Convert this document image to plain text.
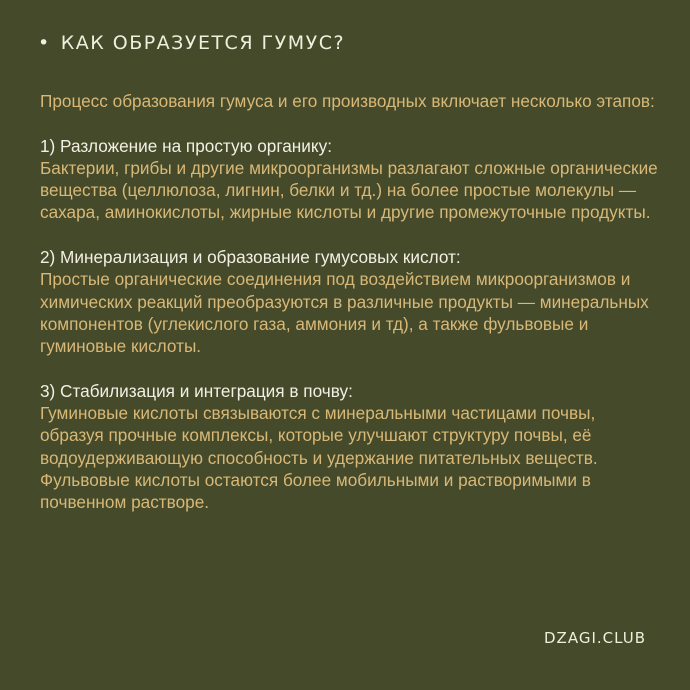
• КАК ОБРАЗУЕТСЯ ГУМУС?

Процесс образования гумуса и его производных включает несколько этапов:

1) Разложение на простую органику:
Бактерии, грибы и другие микроорганизмы разлагают сложные органические вещества (целлюлоза, лигнин, белки и тд.) на более простые молекулы — сахара, аминокислоты, жирные кислоты и другие промежуточные продукты.
2) Минерализация и образование гумусовых кислот:
Простые органические соединения под воздействием микроорганизмов и химических реакций преобразуются в различные продукты — минеральных компонентов (углекислого газа, аммония и тд), а также фульвовые и гуминовые кислоты.
3) Стабилизация и интеграция в почву:
Гуминовые кислоты связываются с минеральными частицами почвы, образуя прочные комплексы, которые улучшают структуру почвы, её водоудерживающую способность и удержание питательных веществ.
Фульвовые кислоты остаются более мобильными и растворимыми в почвенном растворе.
DZAGI.CLUB
